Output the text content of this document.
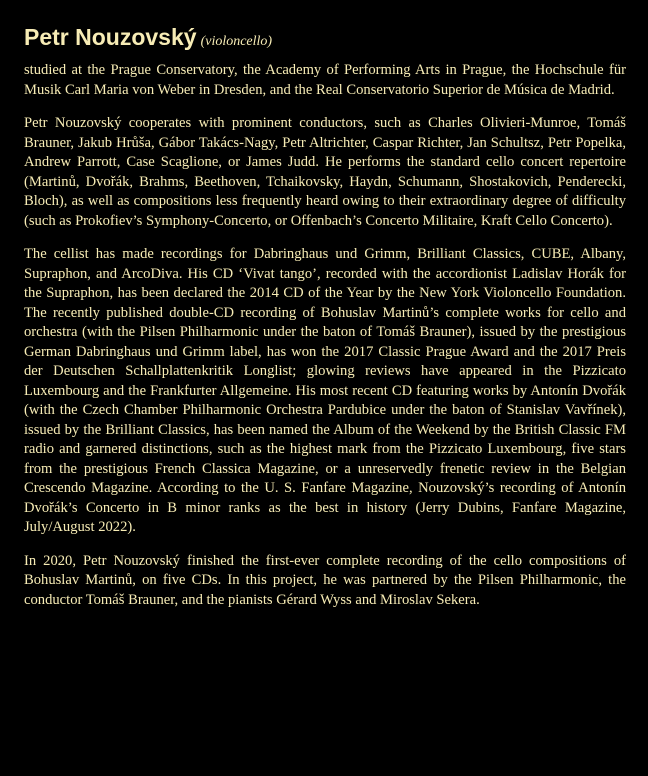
Petr Nouzovský (violoncello)

studied at the Prague Conservatory, the Academy of Performing Arts in Prague, the Hochschule für Musik Carl Maria von Weber in Dresden, and the Real Conservatorio Superior de Música de Madrid.

Petr Nouzovský cooperates with prominent conductors, such as Charles Olivieri-Munroe, Tomáš Brauner, Jakub Hrůša, Gábor Takács-Nagy, Petr Altrichter, Caspar Richter, Jan Schultsz, Petr Popelka, Andrew Parrott, Case Scaglione, or James Judd. He performs the standard cello concert repertoire (Martinů, Dvořák, Brahms, Beethoven, Tchaikovsky, Haydn, Schumann, Shostakovich, Penderecki, Bloch), as well as compositions less frequently heard owing to their extraordinary degree of difficulty (such as Prokofiev’s Symphony-Concerto, or Offenbach’s Concerto Militaire, Kraft Cello Concerto).

The cellist has made recordings for Dabringhaus und Grimm, Brilliant Classics, CUBE, Albany, Supraphon, and ArcoDiva. His CD ‘Vivat tango’, recorded with the accordionist Ladislav Horák for the Supraphon, has been declared the 2014 CD of the Year by the New York Violoncello Foundation. The recently published double-CD recording of Bohuslav Martinů’s complete works for cello and orchestra (with the Pilsen Philharmonic under the baton of Tomáš Brauner), issued by the prestigious German Dabringhaus und Grimm label, has won the 2017 Classic Prague Award and the 2017 Preis der Deutschen Schallplattenkritik Longlist; glowing reviews have appeared in the Pizzicato Luxembourg and the Frankfurter Allgemeine. His most recent CD featuring works by Antonín Dvořák (with the Czech Chamber Philharmonic Orchestra Pardubice under the baton of Stanislav Vavřínek), issued by the Brilliant Classics, has been named the Album of the Weekend by the British Classic FM radio and garnered distinctions, such as the highest mark from the Pizzicato Luxembourg, five stars from the prestigious French Classica Magazine, or a unreservedly frenetic review in the Belgian Crescendo Magazine. According to the U. S. Fanfare Magazine, Nouzovský’s recording of Antonín Dvořák’s Concerto in B minor ranks as the best in history (Jerry Dubins, Fanfare Magazine, July/August 2022).

In 2020, Petr Nouzovský finished the first-ever complete recording of the cello compositions of Bohuslav Martinů, on five CDs. In this project, he was partnered by the Pilsen Philharmonic, the conductor Tomáš Brauner, and the pianists Gérard Wyss and Miroslav Sekera.
